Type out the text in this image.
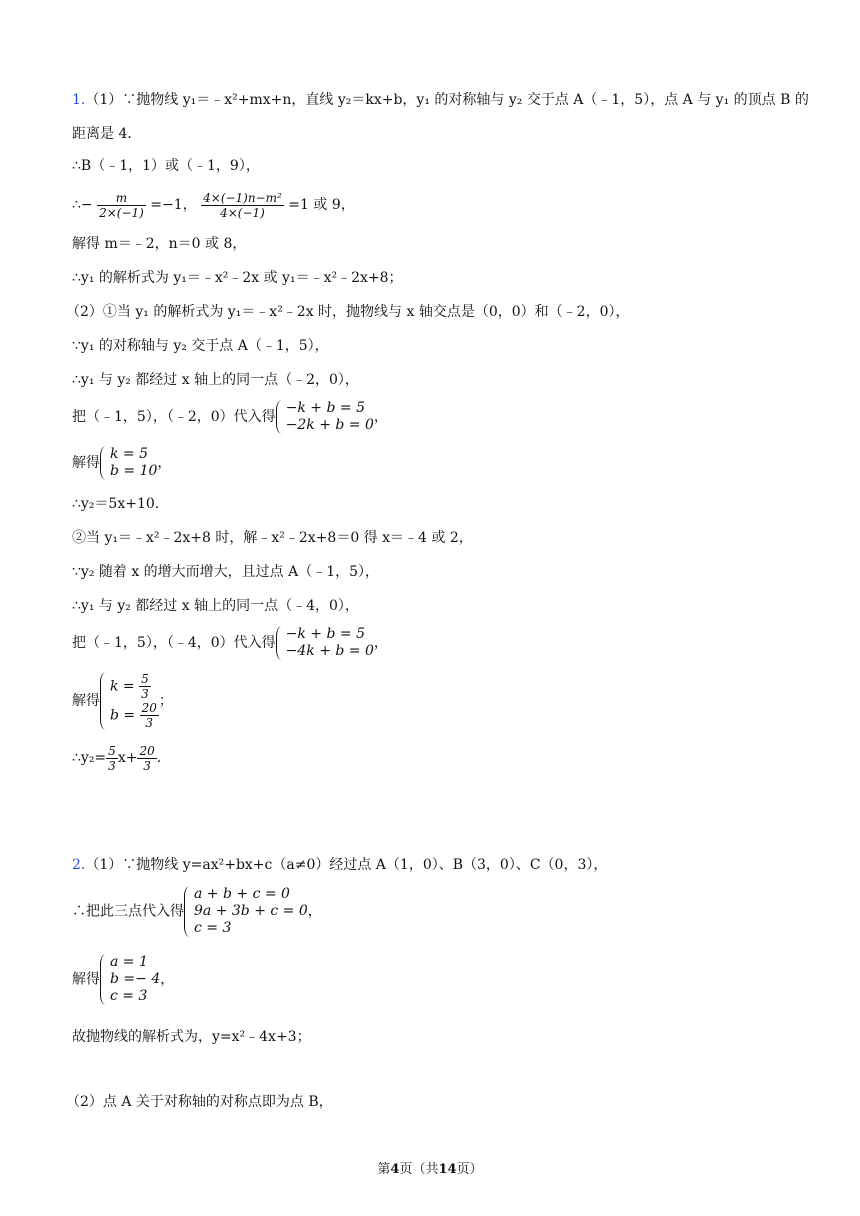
1.（1）∵抛物线 y₁＝﹣x²+mx+n，直线 y₂＝kx+b，y₁ 的对称轴与 y₂ 交于点 A（﹣1，5），点 A 与 y₁ 的顶点 B 的
距离是 4．
∴B（﹣1，1）或（﹣1，9），
∴− $\frac{m}{2\times(-1)} =-1$， $\frac{\text{4×(−1)n−m²}}{4\times(-1)} =1$ 或 9，
解得 m＝﹣2，n＝0 或 8，
∴y₁ 的解析式为 y₁＝﹣x²﹣2x 或 y₁＝﹣x²﹣2x+8；
（2）①当 y₁ 的解析式为 y₁＝﹣x²﹣2x 时，抛物线与 x 轴交点是（0，0）和（﹣2，0），
∵y₁ 的对称轴与 y₂ 交于点 A（﹣1，5），
∴y₁ 与 y₂ 都经过 x 轴上的同一点（﹣2，0），
把（﹣1，5），（﹣2，0）代入得
−k + b = 5
−2k + b = 0 ，
解得
k = 5
b = 10 ，
∴y₂＝5x+10．
②当 y₁＝﹣x²﹣2x+8 时，解﹣x²﹣2x+8＝0 得 x＝﹣4 或 2，
∵y₂ 随着 x 的增大而增大，且过点 A（﹣1，5），
∴y₁ 与 y₂ 都经过 x 轴上的同一点（﹣4，0），
把（﹣1，5），（﹣4，0）代入得
−k + b = 5
−4k + b = 0 ，
解得
$k = \frac{5}{3}$
$b = \frac{20}{3}$ ；
∴y₂= $\frac{5}{3} x+ \frac{20}{3}$ .
2.（1）∵抛物线 y=ax²+bx+c（a≠0）经过点 A（1，0）、B（3，0）、C（0，3），
∴把此三点代入得
a + b + c = 0
9a + 3b + c = 0
c = 3
，
解得
a = 1
b =− 4
c = 3
，
故抛物线的解析式为，y=x²﹣4x+3；
（2）点 A 关于对称轴的对称点即为点 B，
第4页（共14页）
